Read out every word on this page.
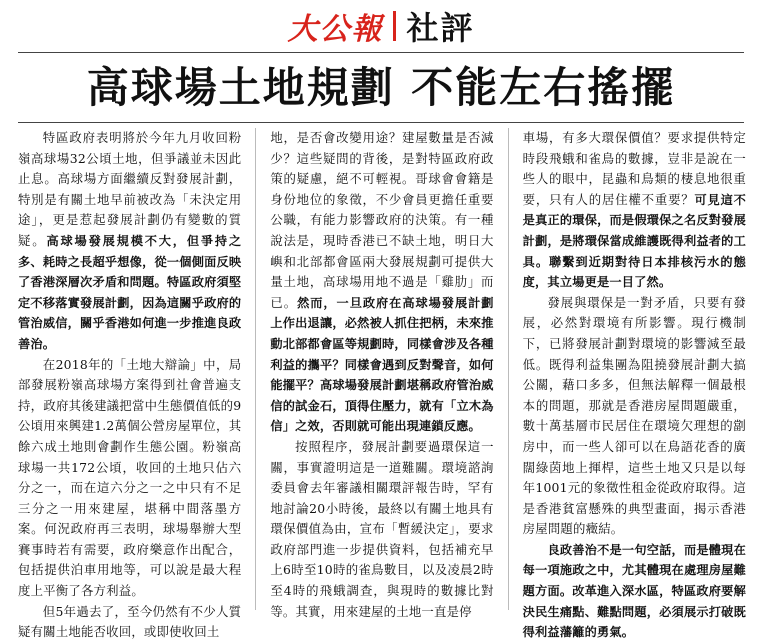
大公報 社評
高球場土地規劃 不能左右搖擺

特區政府表明將於今年九月收回粉嶺高球場32公頃土地，但爭議並未因此止息。高球場方面繼續反對發展計劃，特別是有關土地早前被改為「未決定用途」，更是惹起發展計劃仍有變數的質疑。高球場發展規模不大，但爭持之多、耗時之長超乎想像，從一個側面反映了香港深層次矛盾和問題。特區政府須堅定不移落實發展計劃，因為這關乎政府的管治威信，關乎香港如何進一步推進良政善治。

在2018年的「土地大辯論」中，局部發展粉嶺高球場方案得到社會普遍支持，政府其後建議把當中生態價值低的9公頃用來興建1.2萬個公營房屋單位，其餘六成土地則會劃作生態公園。粉嶺高球場一共172公頃，收回的土地只佔六分之一，而在這六分之一之中只有不足三分之一用來建屋，堪稱中間落墨方案。何況政府再三表明，球場舉辦大型賽事時若有需要，政府樂意作出配合，包括提供泊車用地等，可以說是最大程度上平衡了各方利益。

但5年過去了，至今仍然有不少人質疑有關土地能否收回，或即使收回土

地，是否會改變用途？建屋數量是否減少？這些疑問的背後，是對特區政府政策的疑慮，絕不可輕視。哥球會會籍是身份地位的象徵，不少會員更擔任重要公職，有能力影響政府的決策。有一種說法是，現時香港已不缺土地，明日大嶼和北部都會區兩大發展規劃可提供大量土地，高球場用地不過是「雞肋」而已。然而，一旦政府在高球場發展計劃上作出退讓，必然被人抓住把柄，未來推動北部都會區等規劃時，同樣會涉及各種利益的攜平？同樣會遇到反對聲音，如何能擺平？高球場發展計劃堪稱政府管治威信的試金石，頂得住壓力，就有「立木為信」之效，否則就可能出現連鎖反應。

按照程序，發展計劃要過環保這一關，事實證明這是一道難關。環境諮詢委員會去年審議相關環評報告時，罕有地討論20小時後，最終以有關土地具有環保價值為由，宣布「暫緩決定」，要求政府部門進一步提供資料，包括補充早上6時至10時的雀鳥數目，以及凌晨2時至4時的飛蛾調查，與現時的數據比對等。其實，用來建屋的土地一直是停

車場，有多大環保價值？要求提供特定時段飛蛾和雀鳥的數據，豈非是說在一些人的眼中，昆蟲和鳥類的棲息地很重要，只有人的居住權不重要？可見這不是真正的環保，而是假環保之名反對發展計劃，是將環保當成維護既得利益者的工具。聯繫到近期對待日本排核污水的態度，其立場更是一目了然。

發展與環保是一對矛盾，只要有發展，必然對環境有所影響。現行機制下，已將發展計劃對環境的影響減至最低。既得利益集團為阻撓發展計劃大搞公關，藉口多多，但無法解釋一個最根本的問題，那就是香港房屋問題嚴重，數十萬基層市民居住在環境欠理想的劏房中，而一些人卻可以在鳥語花香的廣闊綠茵地上揮桿，這些土地又只是以每年1001元的象徵性租金從政府取得。這是香港貧富懸殊的典型畫面，揭示香港房屋問題的癥結。

良政善治不是一句空話，而是體現在每一項施政之中，尤其體現在處理房屋難題方面。改革進入深水區，特區政府要解決民生痛點、難點問題，必須展示打破既得利益藩籬的勇氣。
